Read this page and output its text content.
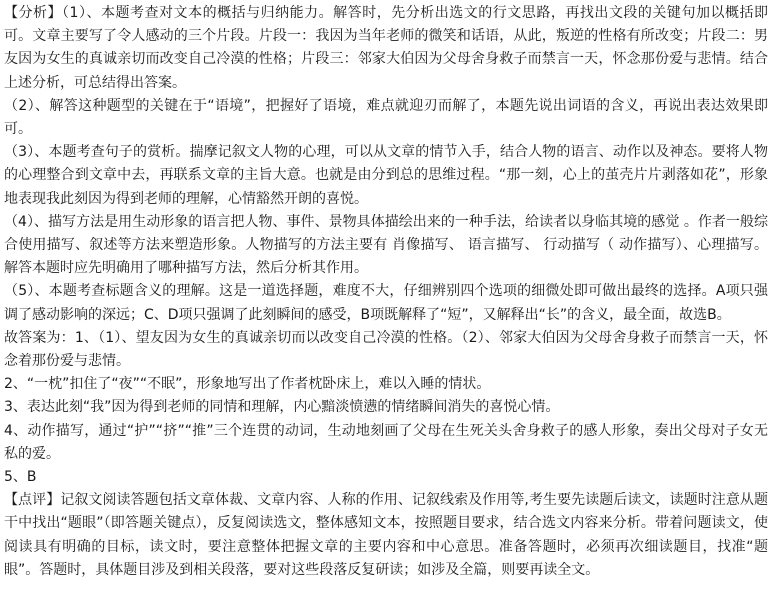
【分析】（1）、本题考查对文本的概括与归纳能力。解答时，先分析出选文的行文思路，再找出文段的关键句加以概括即可。文章主要写了令人感动的三个片段。片段一：我因为当年老师的微笑和话语，从此，叛逆的性格有所改变；片段二：男友因为女生的真诚亲切而改变自己冷漠的性格；片段三：邻家大伯因为父母舍身救子而禁言一天，怀念那份爱与悲情。结合上述分析，可总结得出答案。

（2）、解答这种题型的关键在于“语境”，把握好了语境，难点就迎刃而解了，本题先说出词语的含义，再说出表达效果即可。

（3）、本题考查句子的赏析。揣摩记叙文人物的心理，可以从文章的情节入手，结合人物的语言、动作以及神态。要将人物的心理整合到文章中去，再联系文章的主旨大意。也就是由分到总的思维过程。“那一刻，心上的茧壳片片剥落如花”，形象地表现我此刻因为得到老师的理解，心情豁然开朗的喜悦。

（4）、描写方法是用生动形象的语言把人物、事件、景物具体描绘出来的一种手法，给读者以身临其境的感觉 。作者一般综合使用描写、叙述等方法来塑造形象。人物描写的方法主要有 肖像描写、 语言描写、 行动描写（ 动作描写）、心理描写。解答本题时应先明确用了哪种描写方法，然后分析其作用。

（5）、本题考查标题含义的理解。这是一道选择题，难度不大，仔细辨别四个选项的细微处即可做出最终的选择。A项只强调了感动影响的深远；C、D项只强调了此刻瞬间的感受，B项既解释了“短”，又解释出“长”的含义，最全面，故选B。

故答案为：1、（1）、望友因为女生的真诚亲切而以改变自己冷漠的性格。（2）、邻家大伯因为父母舍身救子而禁言一天，怀念着那份爱与悲情。

2、“一枕”扣住了“夜”“不眠”，形象地写出了作者枕卧床上，难以入睡的情状。

3、表达此刻“我”因为得到老师的同情和理解，内心黯淡愤懑的情绪瞬间消失的喜悦心情。

4、动作描写，通过“护”“挤”“推”三个连贯的动词，生动地刻画了父母在生死关头舍身救子的感人形象，奏出父母对子女无私的爱。

5、B

【点评】记叙文阅读答题包括文章体裁、文章内容、人称的作用、记叙线索及作用等,考生要先读题后读文，读题时注意从题干中找出“题眼”（即答题关键点），反复阅读选文，整体感知文本，按照题目要求，结合选文内容来分析。带着问题读文，使阅读具有明确的目标，读文时，要注意整体把握文章的主要内容和中心意思。准备答题时，必须再次细读题目，找准“题眼”。答题时，具体题目涉及到相关段落，要对这些段落反复研读；如涉及全篇，则要再读全文。
